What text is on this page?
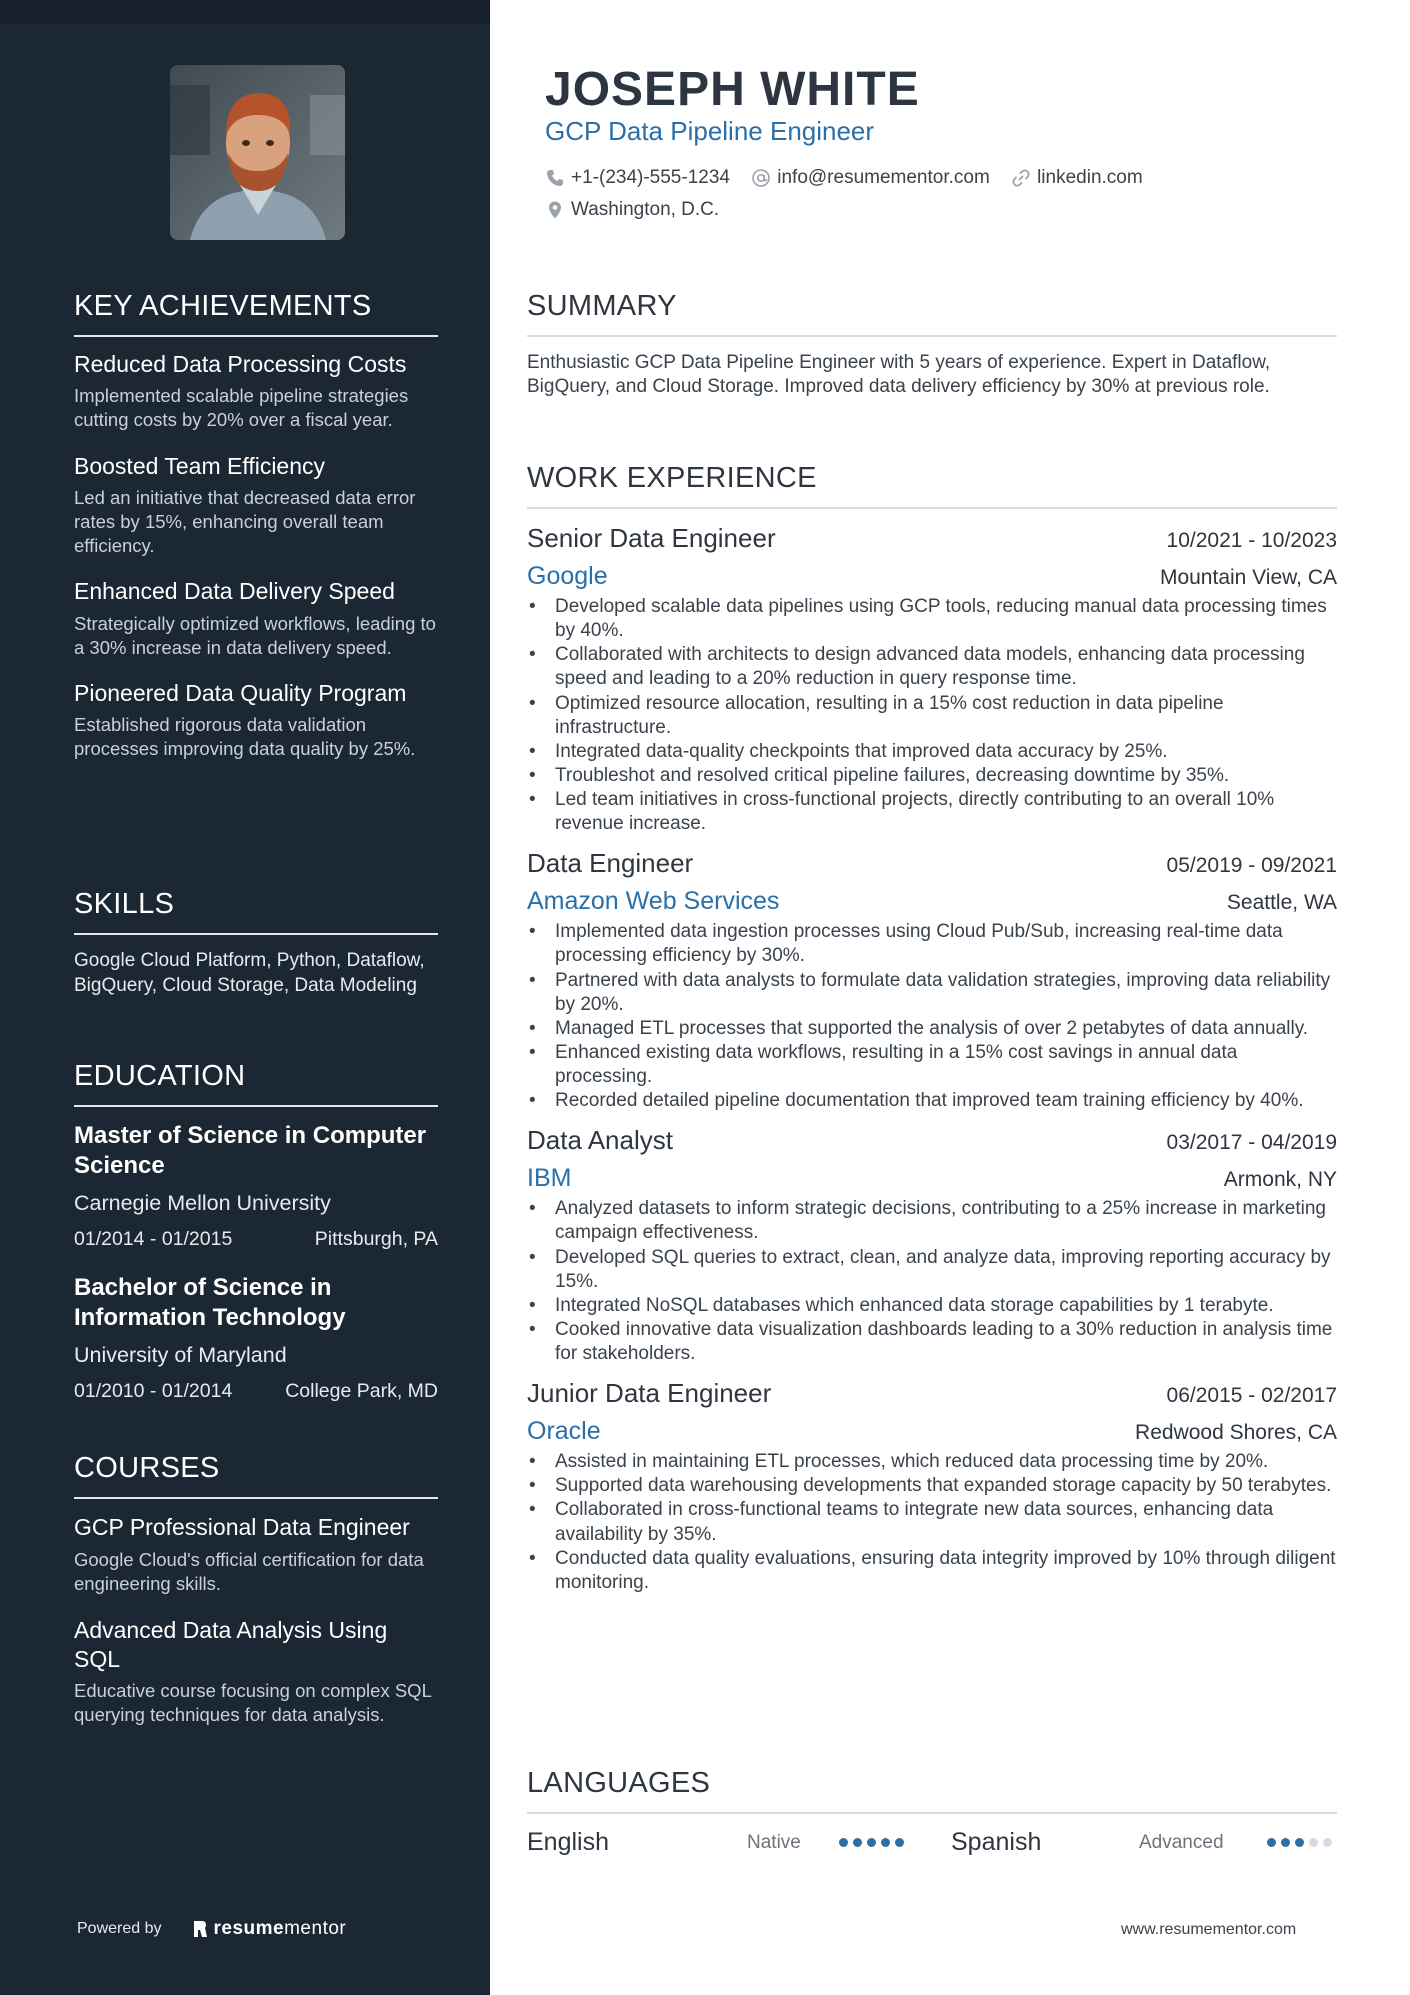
KEY ACHIEVEMENTS
Reduced Data Processing Costs
Implemented scalable pipeline strategies cutting costs by 20% over a fiscal year.
Boosted Team Efficiency
Led an initiative that decreased data error rates by 15%, enhancing overall team efficiency.
Enhanced Data Delivery Speed
Strategically optimized workflows, leading to a 30% increase in data delivery speed.
Pioneered Data Quality Program
Established rigorous data validation processes improving data quality by 25%.
SKILLS
Google Cloud Platform, Python, Dataflow, BigQuery, Cloud Storage, Data Modeling
EDUCATION
Master of Science in Computer Science
Carnegie Mellon University
01/2014 - 01/2015	Pittsburgh, PA
Bachelor of Science in Information Technology
University of Maryland
01/2010 - 01/2014	College Park, MD
COURSES
GCP Professional Data Engineer
Google Cloud's official certification for data engineering skills.
Advanced Data Analysis Using SQL
Educative course focusing on complex SQL querying techniques for data analysis.
Powered by	resumementor
JOSEPH WHITE
GCP Data Pipeline Engineer
+1-(234)-555-1234
info@resumementor.com
linkedin.com

Washington, D.C.
SUMMARY
Enthusiastic GCP Data Pipeline Engineer with 5 years of experience. Expert in Dataflow, BigQuery, and Cloud Storage. Improved data delivery efficiency by 30% at previous role.
WORK EXPERIENCE
Senior Data Engineer	10/2021 - 10/2023
Google	Mountain View, CA
• Developed scalable data pipelines using GCP tools, reducing manual data processing times by 40%.
• Collaborated with architects to design advanced data models, enhancing data processing speed and leading to a 20% reduction in query response time.
• Optimized resource allocation, resulting in a 15% cost reduction in data pipeline infrastructure.
• Integrated data-quality checkpoints that improved data accuracy by 25%.
• Troubleshot and resolved critical pipeline failures, decreasing downtime by 35%.
• Led team initiatives in cross-functional projects, directly contributing to an overall 10% revenue increase.
Data Engineer	05/2019 - 09/2021
Amazon Web Services	Seattle, WA
• Implemented data ingestion processes using Cloud Pub/Sub, increasing real-time data processing efficiency by 30%.
• Partnered with data analysts to formulate data validation strategies, improving data reliability by 20%.
• Managed ETL processes that supported the analysis of over 2 petabytes of data annually.
• Enhanced existing data workflows, resulting in a 15% cost savings in annual data processing.
• Recorded detailed pipeline documentation that improved team training efficiency by 40%.
Data Analyst	03/2017 - 04/2019
IBM	Armonk, NY
• Analyzed datasets to inform strategic decisions, contributing to a 25% increase in marketing campaign effectiveness.
• Developed SQL queries to extract, clean, and analyze data, improving reporting accuracy by 15%.
• Integrated NoSQL databases which enhanced data storage capabilities by 1 terabyte.
• Cooked innovative data visualization dashboards leading to a 30% reduction in analysis time for stakeholders.
Junior Data Engineer	06/2015 - 02/2017
Oracle	Redwood Shores, CA
• Assisted in maintaining ETL processes, which reduced data processing time by 20%.
• Supported data warehousing developments that expanded storage capacity by 50 terabytes.
• Collaborated in cross-functional teams to integrate new data sources, enhancing data availability by 35%.
• Conducted data quality evaluations, ensuring data integrity improved by 10% through diligent monitoring.
LANGUAGES
English	Native	Spanish	Advanced
www.resumementor.com
